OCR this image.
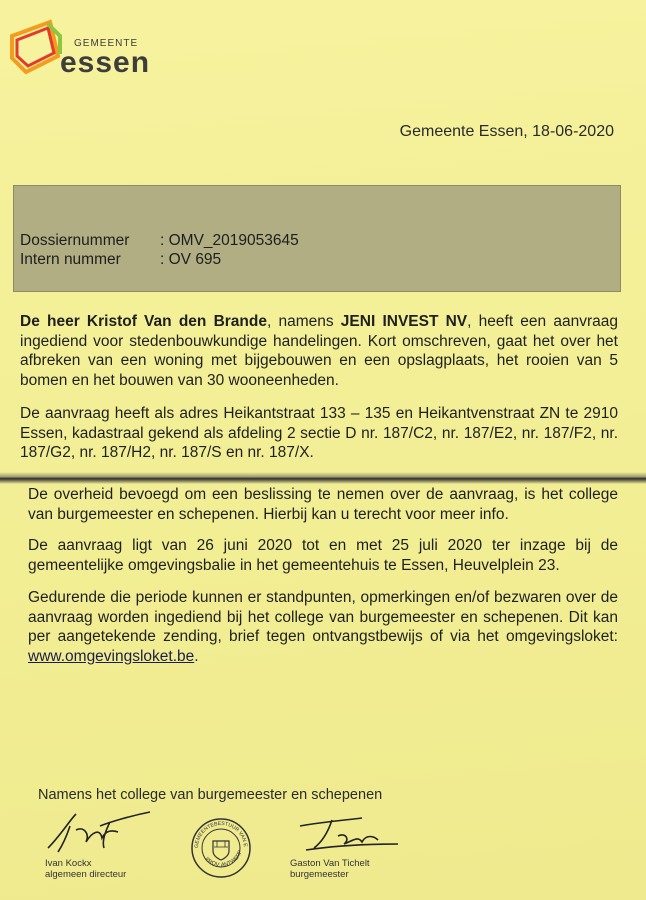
GEMEENTE
essen
Gemeente Essen, 18-06-2020
Dossiernummer : OMV_2019053645
Intern nummer	: OV 695
De heer Kristof Van den Brande, namens JENI INVEST NV, heeft een aanvraag ingediend voor stedenbouwkundige handelingen. Kort omschreven, gaat het over het afbreken van een woning met bijgebouwen en een opslagplaats, het rooien van 5 bomen en het bouwen van 30 wooneenheden.
De aanvraag heeft als adres Heikantstraat 133 – 135 en Heikantvenstraat ZN te 2910 Essen, kadastraal gekend als afdeling 2 sectie D nr. 187/C2, nr. 187/E2, nr. 187/F2, nr. 187/G2, nr. 187/H2, nr. 187/S en nr. 187/X.
De overheid bevoegd om een beslissing te nemen over de aanvraag, is het college van burgemeester en schepenen. Hierbij kan u terecht voor meer info.
De aanvraag ligt van 26 juni 2020 tot en met 25 juli 2020 ter inzage bij de gemeentelijke omgevingsbalie in het gemeentehuis te Essen, Heuvelplein 23.
Gedurende die periode kunnen er standpunten, opmerkingen en/of bezwaren over de aanvraag worden ingediend bij het college van burgemeester en schepenen. Dit kan per aangetekende zending, brief tegen ontvangstbewijs of via het omgevingsloket: www.omgevingsloket.be.
Namens het college van burgemeester en schepenen
Ivan Kockx
algemeen directeur
GEMEENTEBESTUUR VAN E
PROV. ANTWERP
Gaston Van Tichelt
burgemeester
